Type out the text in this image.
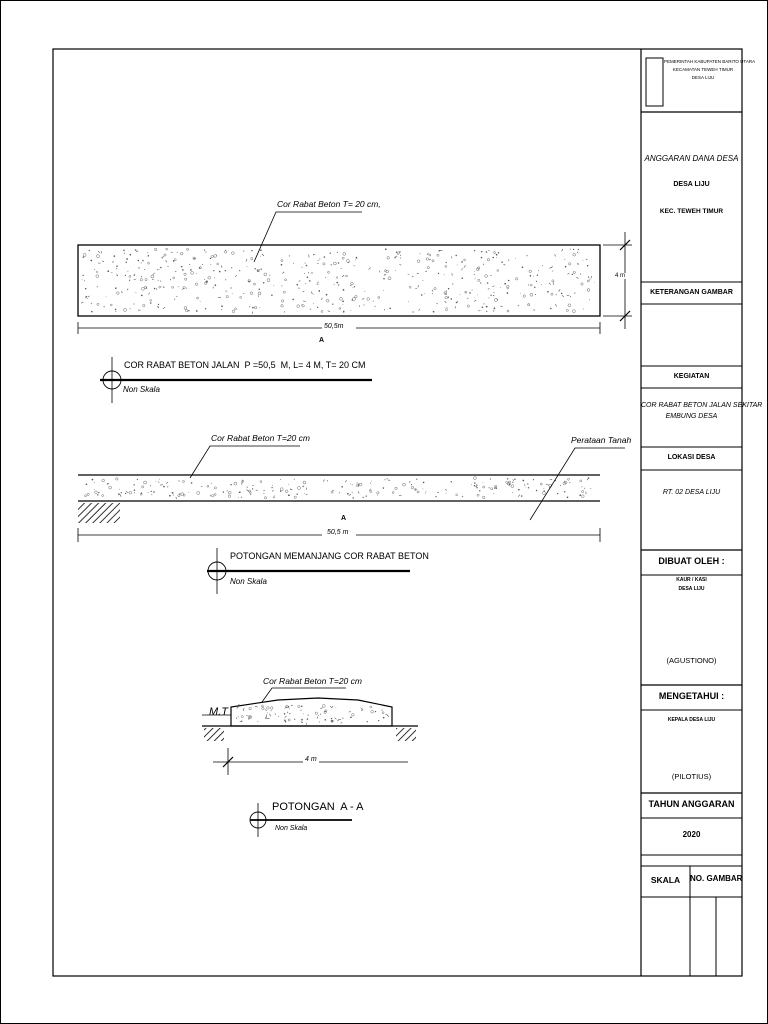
PEMERINTAH KABUPATEN BARITO UTARA
KECAMATAN TEWEH TIMUR
DESA LIJU
ANGGARAN DANA DESA
DESA LIJU
KEC. TEWEH TIMUR
KETERANGAN GAMBAR
KEGIATAN
COR RABAT BETON JALAN SEKITAR
EMBUNG DESA
LOKASI DESA
RT. 02 DESA LIJU
DIBUAT OLEH :
KAUR / KASI
DESA LIJU
(AGUSTIONO)
MENGETAHUI :
KEPALA DESA LIJU
(PILOTIUS)
TAHUN ANGGARAN
2020
SKALA	NO. GAMBAR
Cor Rabat Beton T= 20 cm,
4 m
50,5m
A
COR RABAT BETON JALAN  P =50,5  M, L= 4 M, T= 20 CM
Non Skala
Cor Rabat Beton T=20 cm	Perataan Tanah
A
50,5 m
POTONGAN MEMANJANG COR RABAT BETON
Non Skala
Cor Rabat Beton T=20 cm
M.T
4 m
POTONGAN  A - A
Non Skala
